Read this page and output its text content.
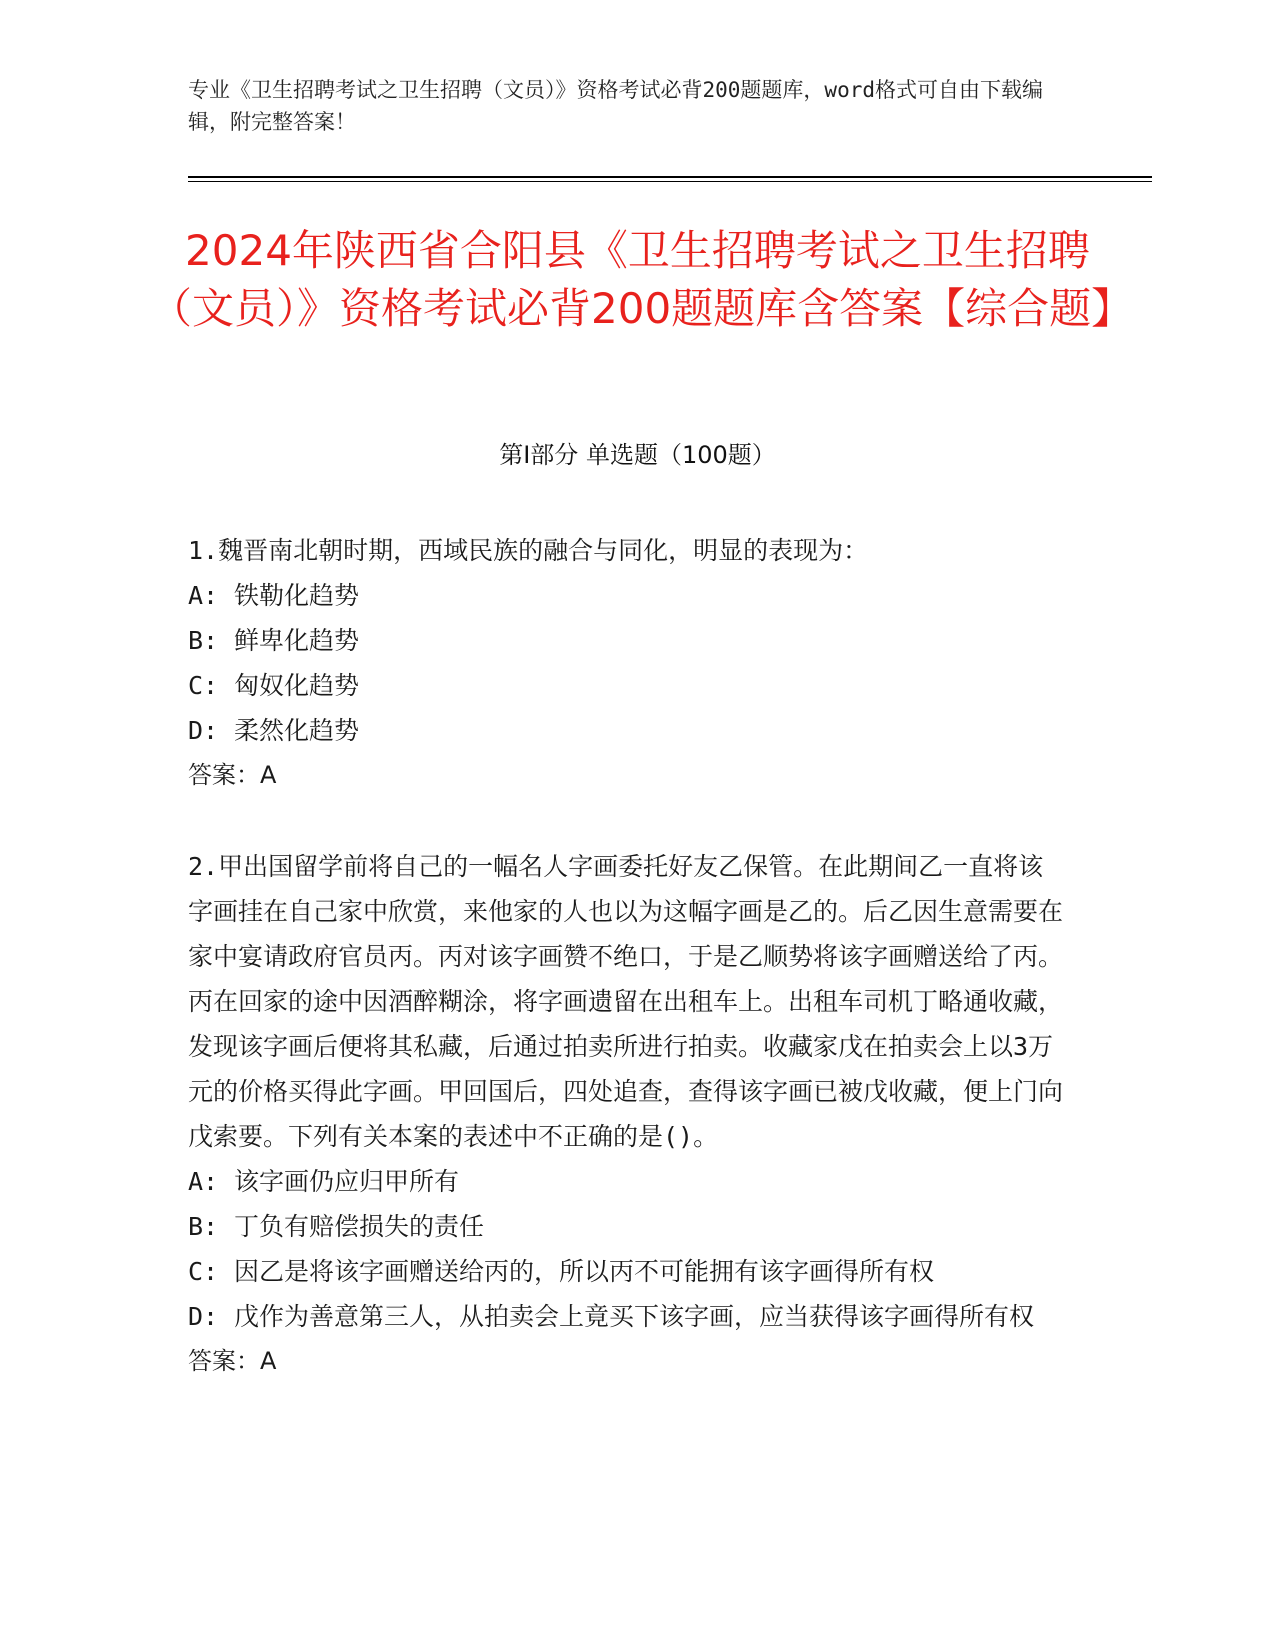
专业《卫生招聘考试之卫生招聘（文员）》资格考试必背200题题库，word格式可自由下载编辑，附完整答案！
2024年陕西省合阳县《卫生招聘考试之卫生招聘（文员）》资格考试必背200题题库含答案【综合题】
第I部分 单选题（100题）

1.魏晋南北朝时期，西域民族的融合与同化，明显的表现为：

A: 铁勒化趋势

B: 鲜卑化趋势

C: 匈奴化趋势

D: 柔然化趋势

答案：A

2.甲出国留学前将自己的一幅名人字画委托好友乙保管。在此期间乙一直将该字画挂在自己家中欣赏，来他家的人也以为这幅字画是乙的。后乙因生意需要在家中宴请政府官员丙。丙对该字画赞不绝口，于是乙顺势将该字画赠送给了丙。丙在回家的途中因酒醉糊涂，将字画遗留在出租车上。出租车司机丁略通收藏，发现该字画后便将其私藏，后通过拍卖所进行拍卖。收藏家戊在拍卖会上以3万元的价格买得此字画。甲回国后，四处追查，查得该字画已被戊收藏，便上门向戊索要。下列有关本案的表述中不正确的是()。

A: 该字画仍应归甲所有

B: 丁负有赔偿损失的责任

C: 因乙是将该字画赠送给丙的，所以丙不可能拥有该字画得所有权

D: 戊作为善意第三人，从拍卖会上竟买下该字画，应当获得该字画得所有权

答案：A
